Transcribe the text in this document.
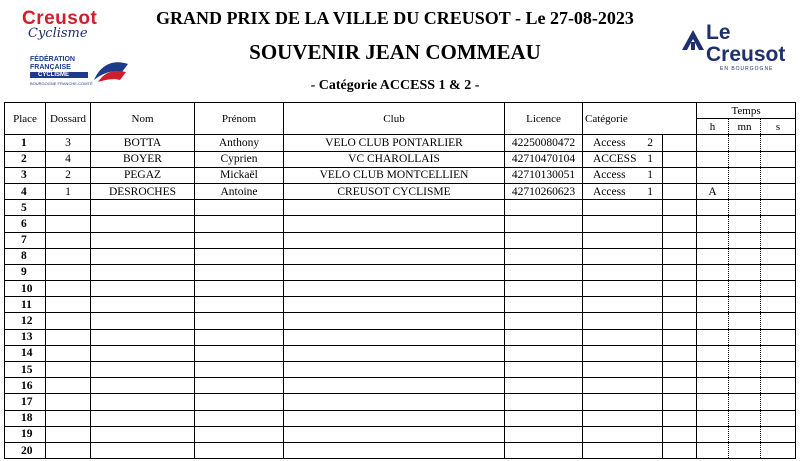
Creusot
Cyclisme
FÉDÉRATION
FRANÇAISE
CYCLISME
BOURGOGNE FRANCHE-COMTÉ
GRAND PRIX DE LA VILLE DU CREUSOT - Le 27-08-2023
SOUVENIR JEAN COMMEAU
- Catégorie ACCESS 1 & 2 -
Le Creusot
EN BOURGOGNE
Place	Dossard	Nom	Prénom	Club	Licence	Catégorie		Temps		
								h	mn	s
1	3	BOTTA	Anthony	VELO CLUB PONTARLIER	42250080472	Access 2				

2	4	BOYER	Cyprien	VC CHAROLLAIS	42710470104	ACCESS 1				

3	2	PEGAZ	Mickaël	VELO CLUB MONTCELLIEN	42710130051	Access 1				

4	1	DESROCHES	Antoine	CREUSOT CYCLISME	42710260623	Access 1		A		
5						

6						

7						

8						

9						

10						

11						

12						

13						

14						

15						

16						

17						

18						

19						

20						
